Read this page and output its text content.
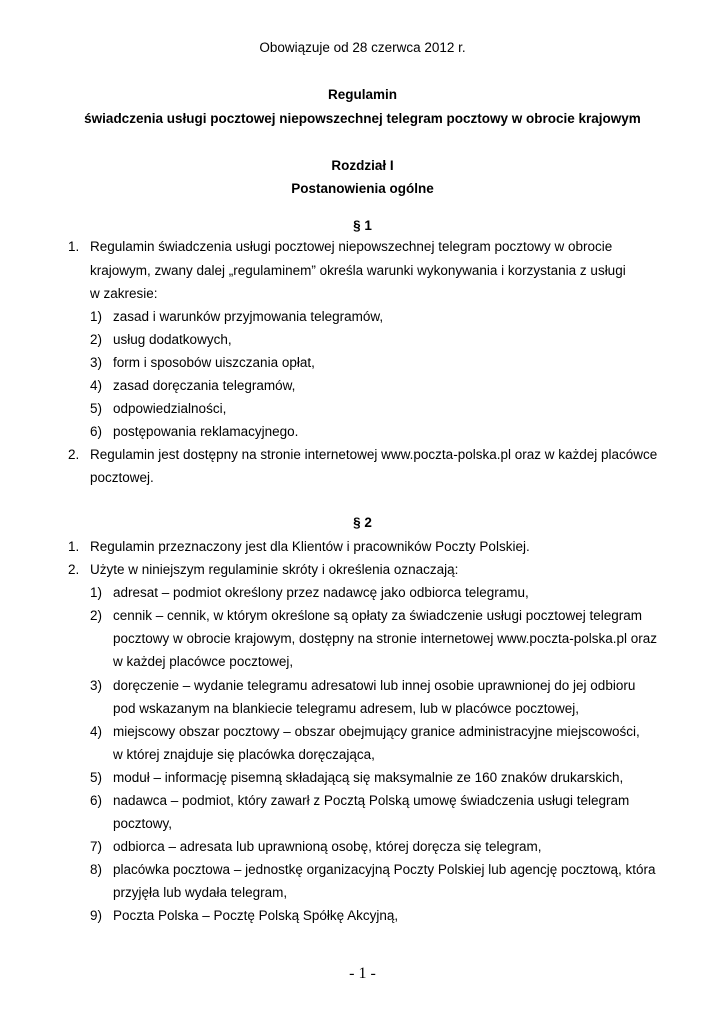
Obowiązuje od 28 czerwca 2012 r.
Regulamin
świadczenia usługi pocztowej niepowszechnej telegram pocztowy w obrocie krajowym
Rozdział I
Postanowienia ogólne
§ 1
1. Regulamin świadczenia usługi pocztowej niepowszechnej telegram pocztowy w obrocie
krajowym, zwany dalej „regulaminem” określa warunki wykonywania i korzystania z usługi
w zakresie:
1) zasad i warunków przyjmowania telegramów,
2) usług dodatkowych,
3) form i sposobów uiszczania opłat,
4) zasad doręczania telegramów,
5) odpowiedzialności,
6) postępowania reklamacyjnego.
2. Regulamin jest dostępny na stronie internetowej www.poczta-polska.pl oraz w każdej placówce
pocztowej.
§ 2
1. Regulamin przeznaczony jest dla Klientów i pracowników Poczty Polskiej.
2. Użyte w niniejszym regulaminie skróty i określenia oznaczają:
1) adresat – podmiot określony przez nadawcę jako odbiorca telegramu,
2) cennik – cennik, w którym określone są opłaty za świadczenie usługi pocztowej telegram
pocztowy w obrocie krajowym, dostępny na stronie internetowej www.poczta-polska.pl oraz
w każdej placówce pocztowej,
3) doręczenie – wydanie telegramu adresatowi lub innej osobie uprawnionej do jej odbioru
pod wskazanym na blankiecie telegramu adresem, lub w placówce pocztowej,
4) miejscowy obszar pocztowy – obszar obejmujący granice administracyjne miejscowości,
w której znajduje się placówka doręczająca,
5) moduł – informację pisemną składającą się maksymalnie ze 160 znaków drukarskich,
6) nadawca – podmiot, który zawarł z Pocztą Polską umowę świadczenia usługi telegram
pocztowy,
7) odbiorca – adresata lub uprawnioną osobę, której doręcza się telegram,
8) placówka pocztowa – jednostkę organizacyjną Poczty Polskiej lub agencję pocztową, która
przyjęła lub wydała telegram,
9) Poczta Polska – Pocztę Polską Spółkę Akcyjną,
- 1 -
